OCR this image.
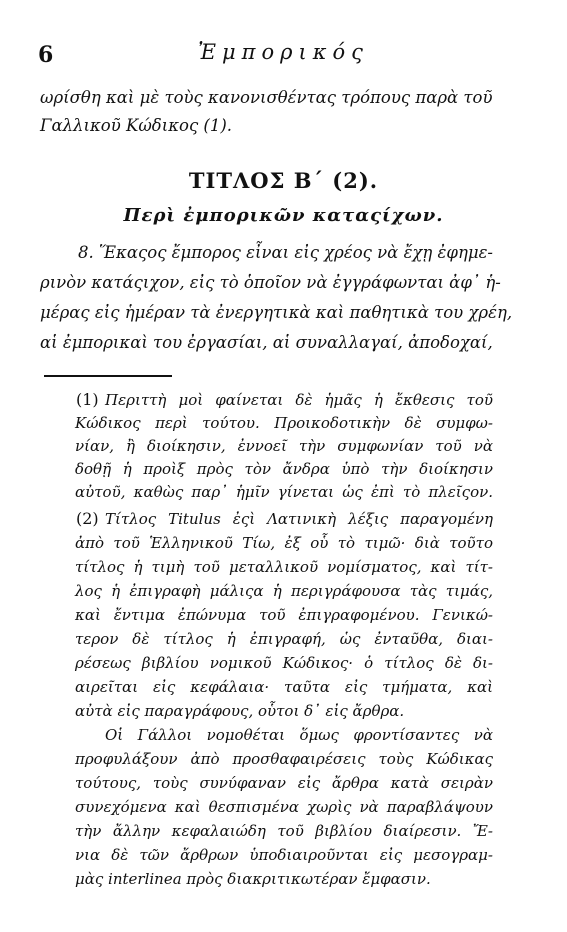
6	Ἐμπορικός
ωρίσθη καὶ μὲ τοὺς κανονισθέντας τρόπους παρὰ τοῦ
Γαλλικοῦ Κώδικος (1).
ΤΙΤΛΟΣ Β΄ (2).
Περὶ ἐμπορικῶν καταςίχων.
8. Ἕκαςος ἔμπορος εἶναι εἰς χρέος νὰ ἔχῃ ἐφημε-
ρινὸν κατάςιχον, εἰς τὸ ὁποῖον νὰ ἐγγράφωνται ἀφ᾽ ἡ-
μέρας εἰς ἡμέραν τὰ ἐνεργητικὰ καὶ παθητικὰ του χρέη,
αἱ ἐμπορικαὶ του ἐργασίαι, αἱ συναλλαγαί, ἀποδοχαί,
(1) Περιττὴ μοὶ φαίνεται δὲ ἡμᾶς ἡ ἔκθεσις τοῦ
Κώδικος περὶ τούτου. Προικοδοτικὴν δὲ συμφω-
νίαν, ἢ διοίκησιν, ἐννοεῖ τὴν συμφωνίαν τοῦ νὰ
δοθῇ ἡ προὶξ πρὸς τὸν ἄνδρα ὑπὸ τὴν διοίκησιν
αὐτοῦ, καθὼς παρ᾽ ἡμῖν γίνεται ὡς ἐπὶ τὸ πλεῖςον.
(2) Τίτλος Titulus ἐςὶ Λατινικὴ λέξις παραγομένη
ἀπὸ τοῦ Ἑλληνικοῦ Τίω, ἐξ οὗ τὸ τιμῶ· διὰ τοῦτο
τίτλος ἡ τιμὴ τοῦ μεταλλικοῦ νομίσματος, καὶ τίτ-
λος ἡ ἐπιγραφὴ μάλιςα ἡ περιγράφουσα τὰς τιμάς,
καὶ ἔντιμα ἐπώνυμα τοῦ ἐπιγραφομένου. Γενικώ-
τερον δὲ τίτλος ἡ ἐπιγραφή, ὡς ἐνταῦθα, διαι-
ρέσεως βιβλίου νομικοῦ Κώδικος· ὁ τίτλος δὲ δι-
αιρεῖται εἰς κεφάλαια· ταῦτα εἰς τμήματα, καὶ
αὐτὰ εἰς παραγράφους, οὗτοι δ᾽ εἰς ἄρθρα.
Οἱ Γάλλοι νομοθέται ὅμως φροντίσαντες νὰ
προφυλάξουν ἀπὸ προσθαφαιρέσεις τοὺς Κώδικας
τούτους, τοὺς συνύφαναν εἰς ἄρθρα κατὰ σειρὰν
συνεχόμενα καὶ θεσπισμένα χωρὶς νὰ παραβλάψουν
τὴν ἄλλην κεφαλαιώδη τοῦ βιβλίου διαίρεσιν. Ἔ-
νια δὲ τῶν ἄρθρων ὑποδιαιροῦνται εἰς μεσογραμ-
μὰς interlinea πρὸς διακριτικωτέραν ἔμφασιν.
